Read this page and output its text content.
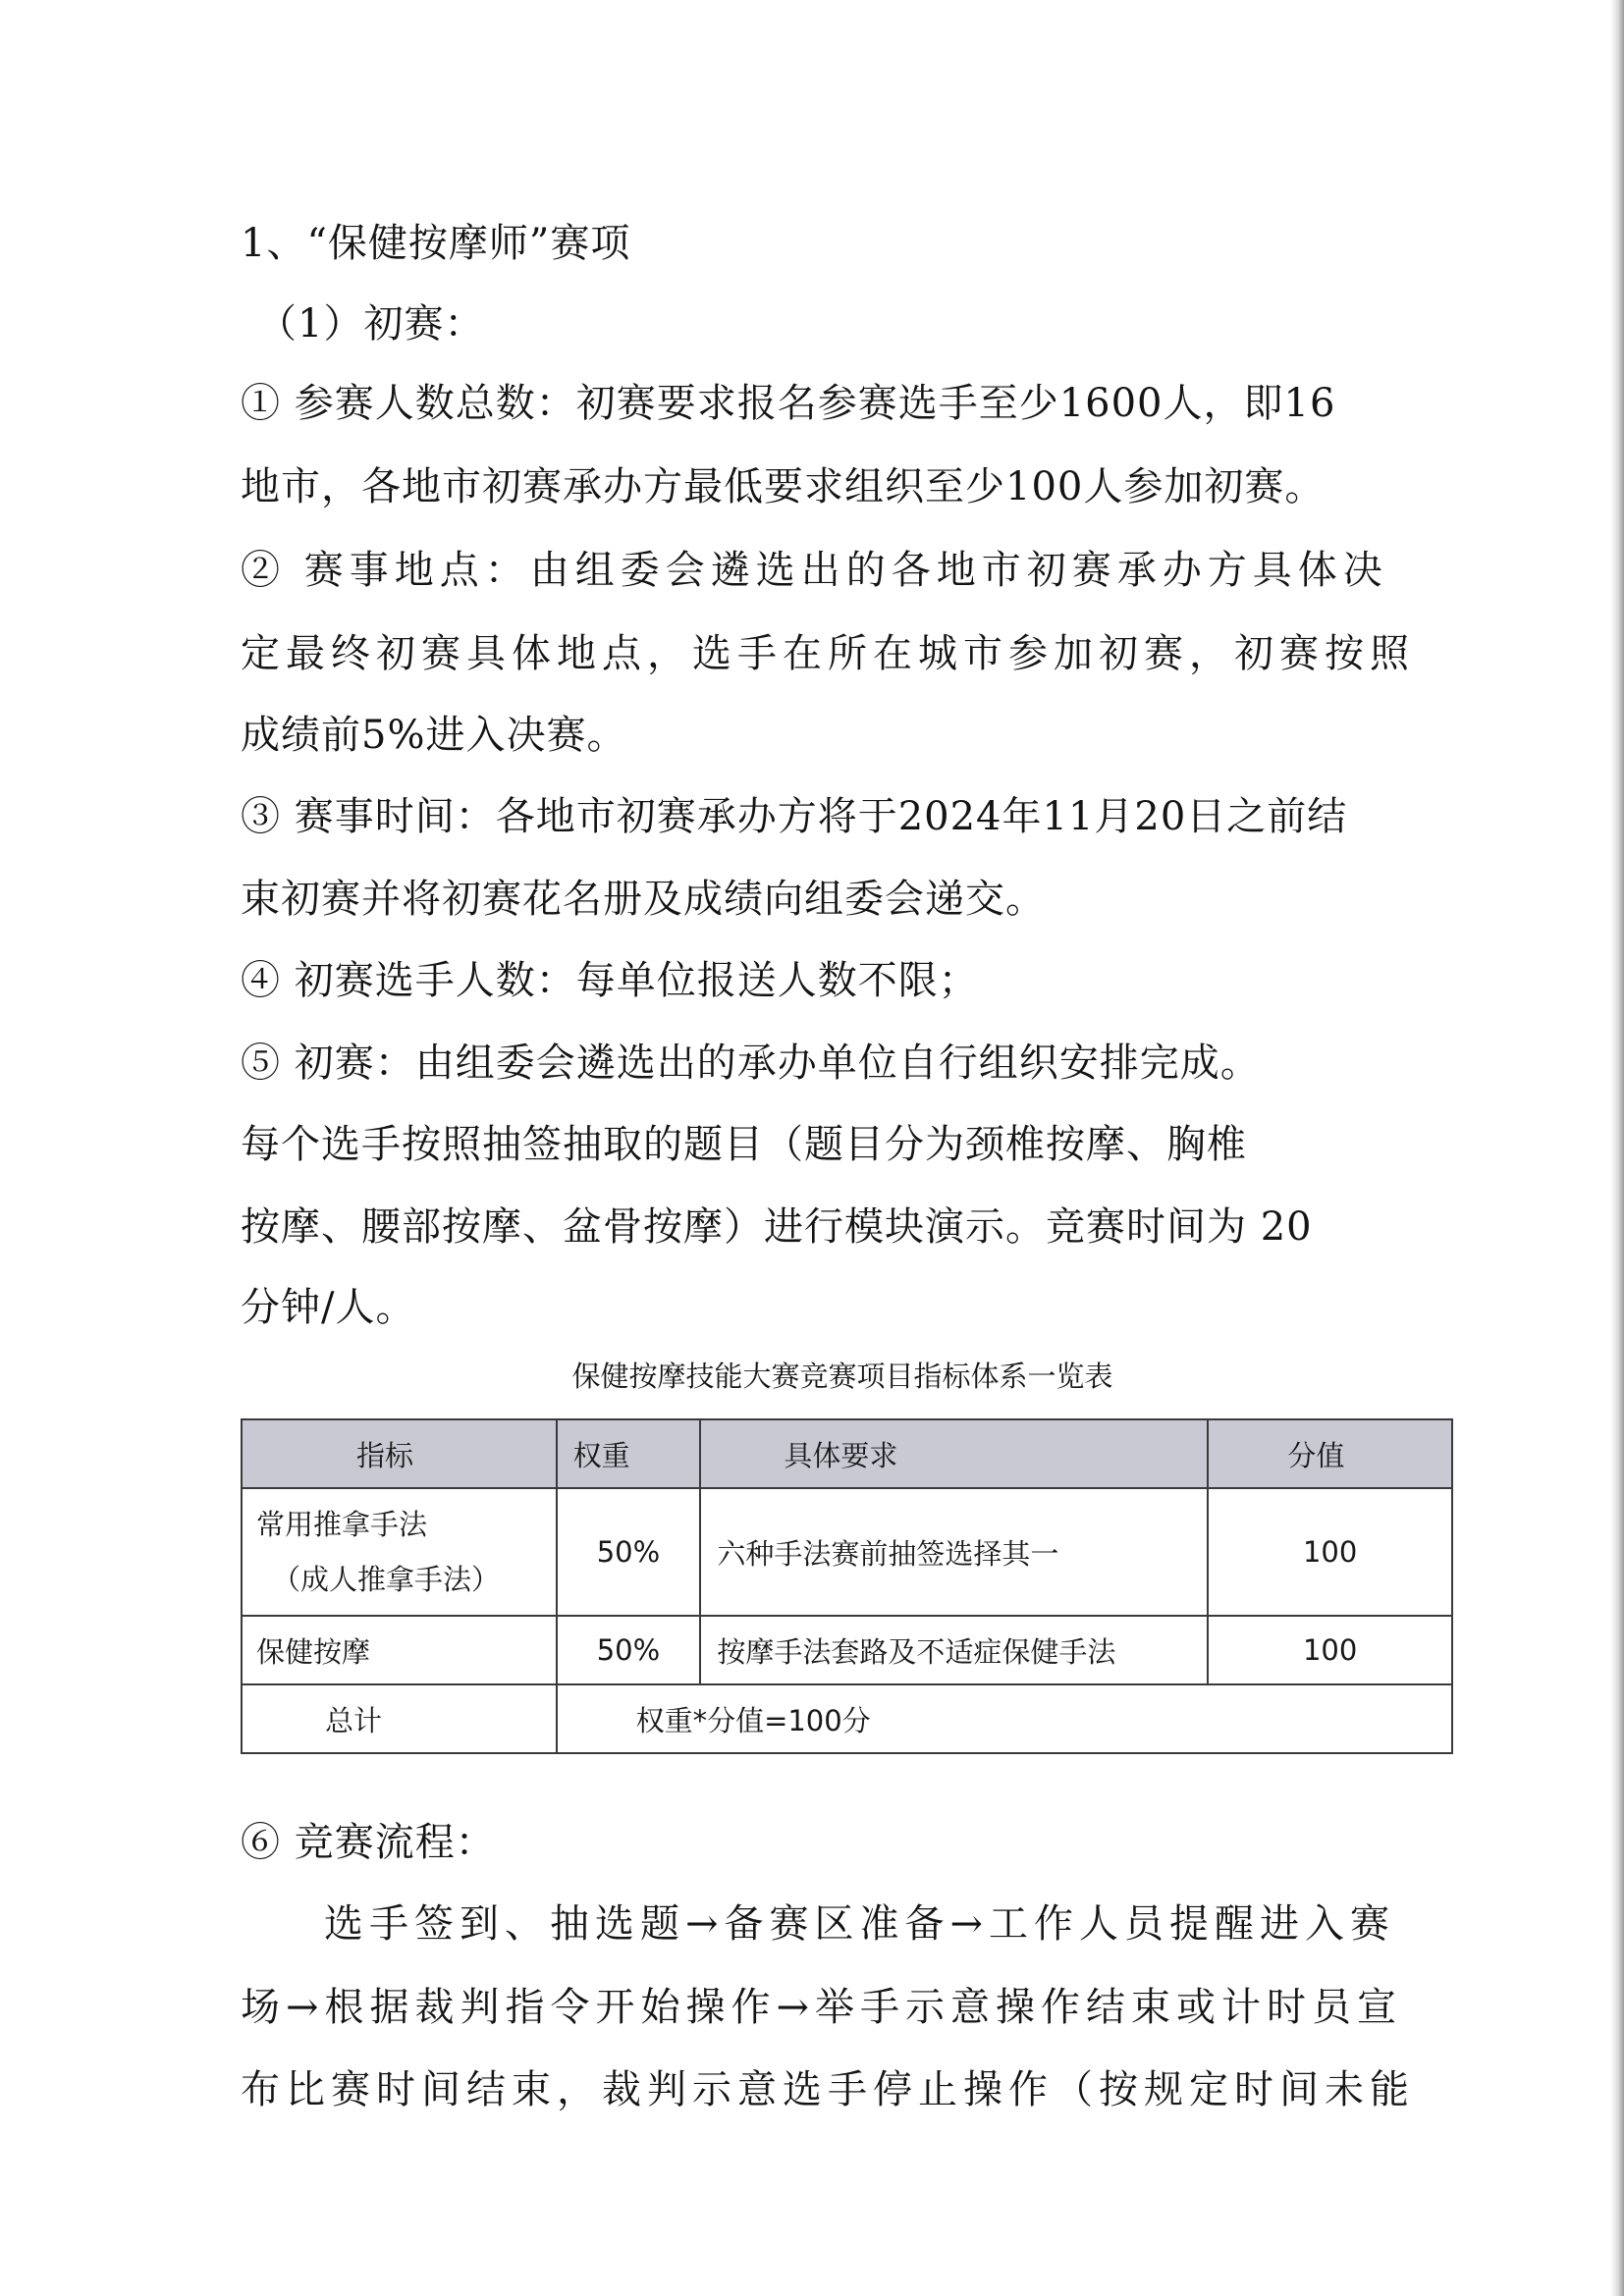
1、“保健按摩师”赛项
（1）初赛：
① 参赛人数总数：初赛要求报名参赛选手至少1600人，即16
地市，各地市初赛承办方最低要求组织至少100人参加初赛。
② 赛事地点：由组委会遴选出的各地市初赛承办方具体决
定最终初赛具体地点，选手在所在城市参加初赛，初赛按照
成绩前5%进入决赛。
③ 赛事时间：各地市初赛承办方将于2024年11月20日之前结
束初赛并将初赛花名册及成绩向组委会递交。
④ 初赛选手人数：每单位报送人数不限；
⑤ 初赛：由组委会遴选出的承办单位自行组织安排完成。
每个选手按照抽签抽取的题目（题目分为颈椎按摩、胸椎
按摩、腰部按摩、盆骨按摩）进行模块演示。竞赛时间为 20
分钟/人。
保健按摩技能大赛竞赛项目指标体系一览表
指标	权重	具体要求	分值

常用推拿手法
（成人推拿手法）	50%	六种手法赛前抽签选择其一	100
保健按摩	50%	按摩手法套路及不适症保健手法	100
总计	权重*分值=100分		
⑥ 竞赛流程：
选手签到、抽选题→备赛区准备→工作人员提醒进入赛
场→根据裁判指令开始操作→举手示意操作结束或计时员宣
布比赛时间结束，裁判示意选手停止操作（按规定时间未能
